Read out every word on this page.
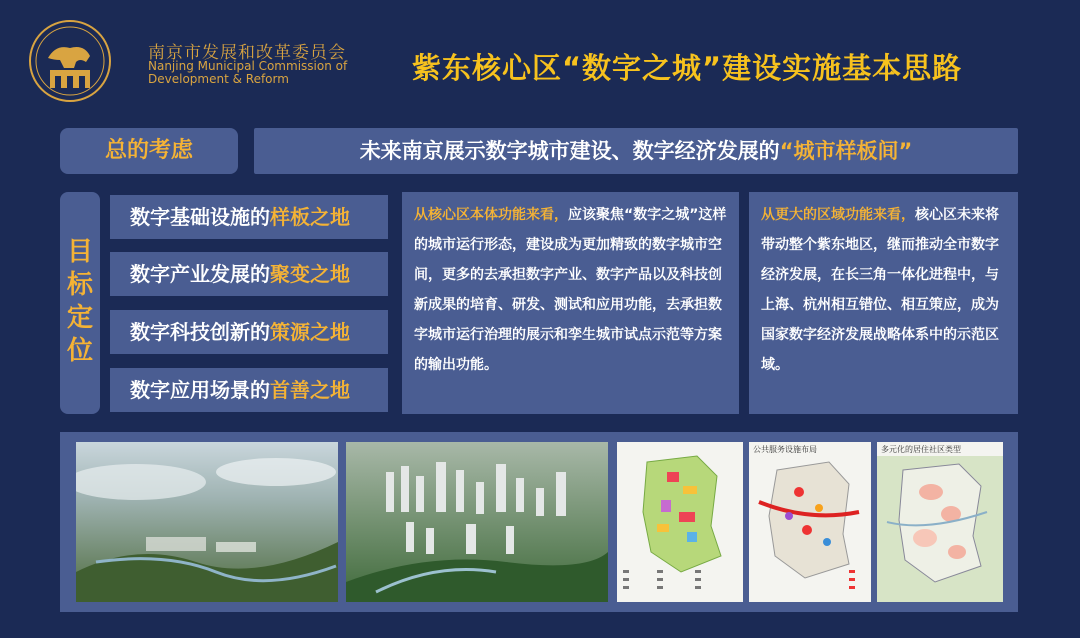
南京市发展和改革委员会
Nanjing Municipal Commission of
Development & Reform	紫东核心区“数字之城”建设实施基本思路
总的考虑	未来南京展示数字城市建设、数字经济发展的“城市样板间”
目
标
定
位
数字基础设施的样板之地
数字产业发展的聚变之地
数字科技创新的策源之地
数字应用场景的首善之地
从核心区本体功能来看，应该聚焦“数字之城”这样的城市运行形态，建设成为更加精致的数字城市空间，更多的去承担数字产业、数字产品以及科技创新成果的培育、研发、测试和应用功能，去承担数字城市运行治理的展示和孪生城市试点示范等方案的输出功能。
从更大的区域功能来看，核心区未来将带动整个紫东地区，继而推动全市数字经济发展，在长三角一体化进程中，与上海、杭州相互错位、相互策应，成为国家数字经济发展战略体系中的示范区域。
公共服务设施布局	多元化的居住社区类型
